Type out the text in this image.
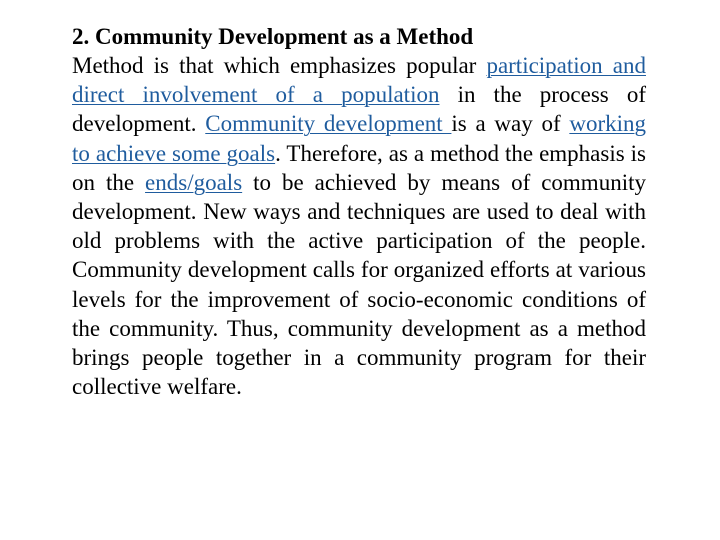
2. Community Development as a Method

Method is that which emphasizes popular participation and direct involvement of a population in the process of development. Community development is a way of working to achieve some goals. Therefore, as a method the emphasis is on the ends/goals to be achieved by means of community development. New ways and techniques are used to deal with old problems with the active participation of the people. Community development calls for organized efforts at various levels for the improvement of socio-economic conditions of the community. Thus, community development as a method brings people together in a community program for their collective welfare.
